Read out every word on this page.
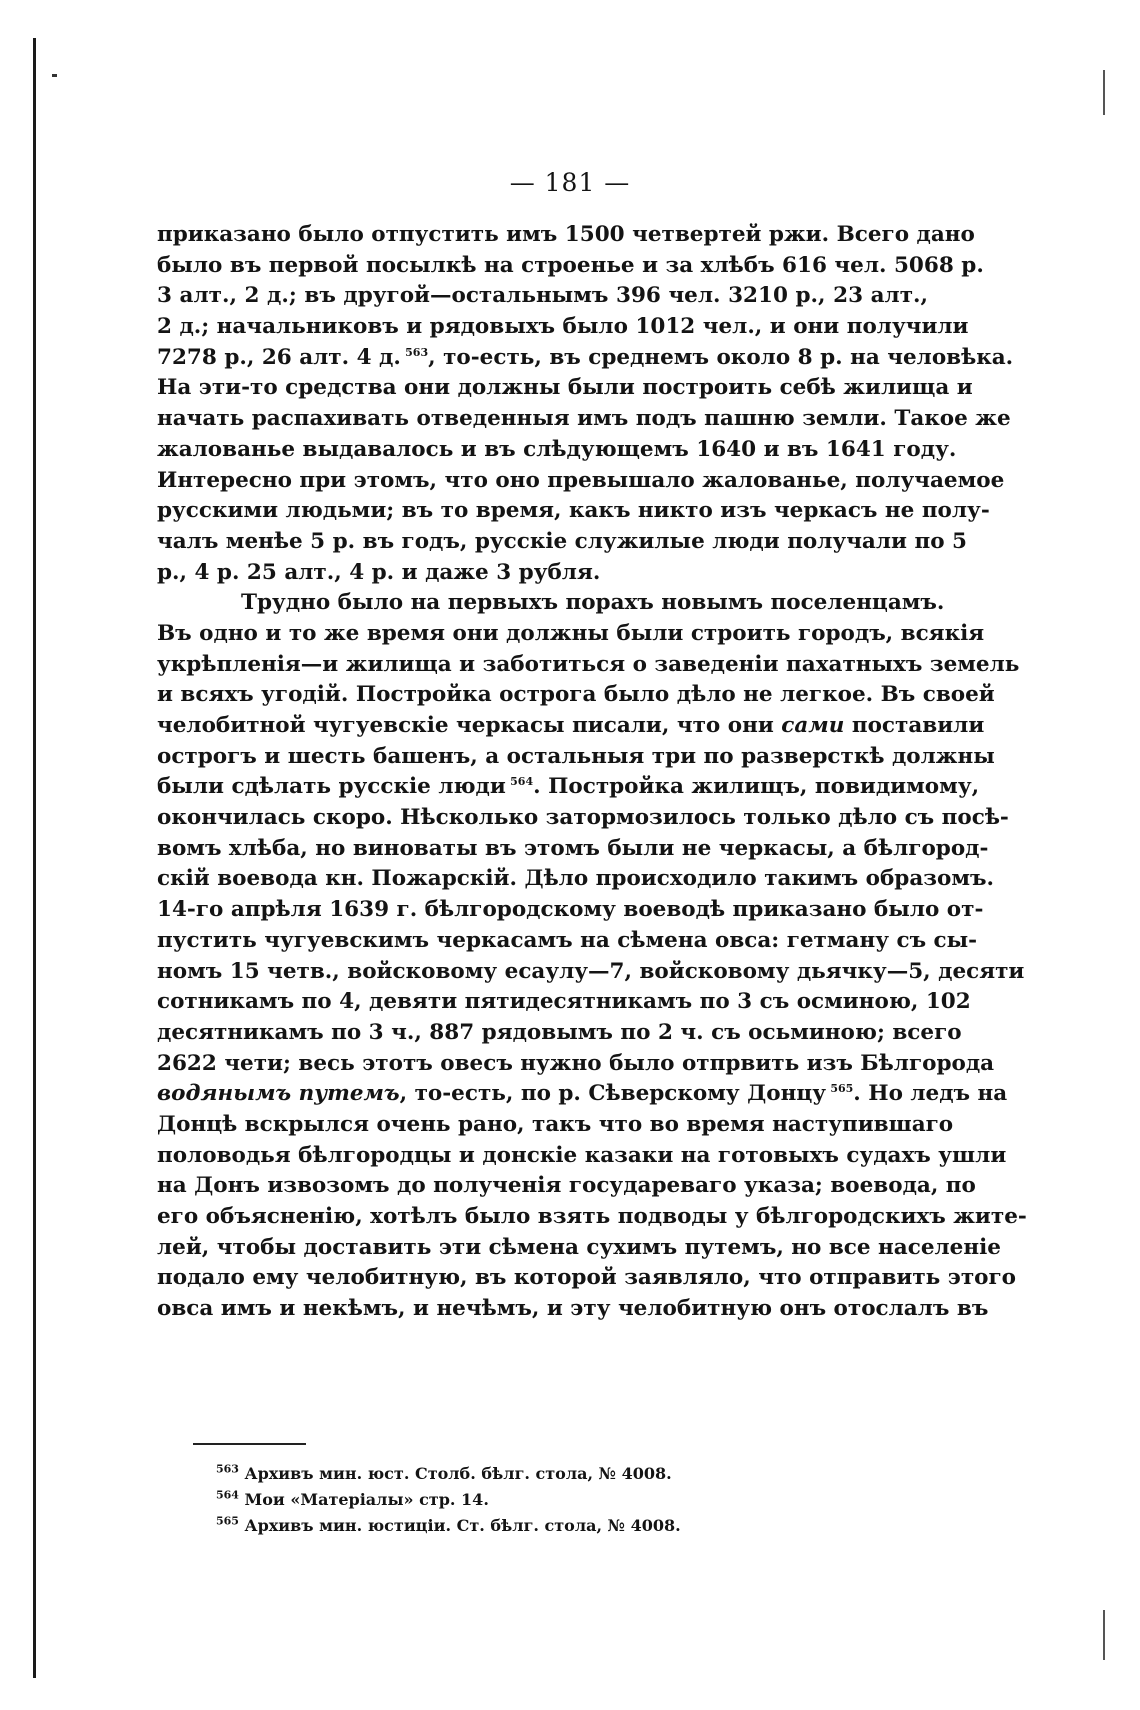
— 181 —
приказано было отпустить имъ 1500 четвертей ржи. Всего дано
было въ первой посылкѣ на строенье и за хлѣбъ 616 чел. 5068 р.
3 алт., 2 д.; въ другой—остальнымъ 396 чел. 3210 р., 23 алт.,
2 д.; начальниковъ и рядовыхъ было 1012 чел., и они получили
7278 р., 26 алт. 4 д.  $^{563}$, то-есть, въ среднемъ около 8 р. на человѣка.
На эти-то средства они должны были построить себѣ жилища и
начать распахивать отведенныя имъ подъ пашню земли. Такое же
жалованье выдавалось и въ слѣдующемъ 1640 и въ 1641 году.
Интересно при этомъ, что оно превышало жалованье, получаемое
русскими людьми; въ то время, какъ никто изъ черкасъ не полу-
чалъ менѣе 5 р. въ годъ, русскіе служилые люди получали по 5
р., 4 р. 25 алт., 4 р. и даже 3 рубля.
Трудно было на первыхъ порахъ новымъ поселенцамъ.
Въ одно и то же время они должны были строить городъ, всякія
укрѣпленія—и жилища и заботиться о заведеніи пахатныхъ земель
и всяхъ угодій. Постройка острога было дѣло не легкое. Въ своей
челобитной чугуевскіе черкасы писали, что они сами поставили
острогъ и шесть башенъ, а остальныя три по разверсткѣ должны
были сдѣлать русскіе люди  $^{564}$. Постройка жилищъ, повидимому,
окончилась скоро. Нѣсколько затормозилось только дѣло съ посѣ-
вомъ хлѣба, но виноваты въ этомъ были не черкасы, а бѣлгород-
скій воевода кн. Пожарскій. Дѣло происходило такимъ образомъ.
14-го апрѣля 1639 г. бѣлгородскому воеводѣ приказано было от-
пустить чугуевскимъ черкасамъ на сѣмена овса: гетману съ сы-
номъ 15 четв., войсковому есаулу—7, войсковому дьячку—5, десяти
сотникамъ по 4, девяти пятидесятникамъ по 3 съ осминою, 102
десятникамъ по 3 ч., 887 рядовымъ по 2 ч. съ осьминою; всего
2622 чети; весь этотъ овесъ нужно было отпрвить изъ Бѣлгорода
водянымъ путемъ, то-есть, по р. Сѣверскому Донцу  $^{565}$. Но ледъ на
Донцѣ вскрылся очень рано, такъ что во время наступившаго
половодья бѣлгородцы и донскіе казаки на готовыхъ судахъ ушли
на Донъ извозомъ до полученія государеваго указа; воевода, по
его объясненію, хотѣлъ было взять подводы у бѣлгородскихъ жите-
лей, чтобы доставить эти сѣмена сухимъ путемъ, но все населеніе
подало ему челобитную, въ которой заявляло, что отправить этого
овса имъ и некѣмъ, и нечѣмъ, и эту челобитную онъ отослалъ въ
$^{563}$ Архивъ мин. юст. Столб. бѣлг. стола, № 4008.
$^{564}$ Мои «Матеріалы» стр. 14.
$^{565}$ Архивъ мин. юстиціи. Ст. бѣлг. стола, № 4008.
